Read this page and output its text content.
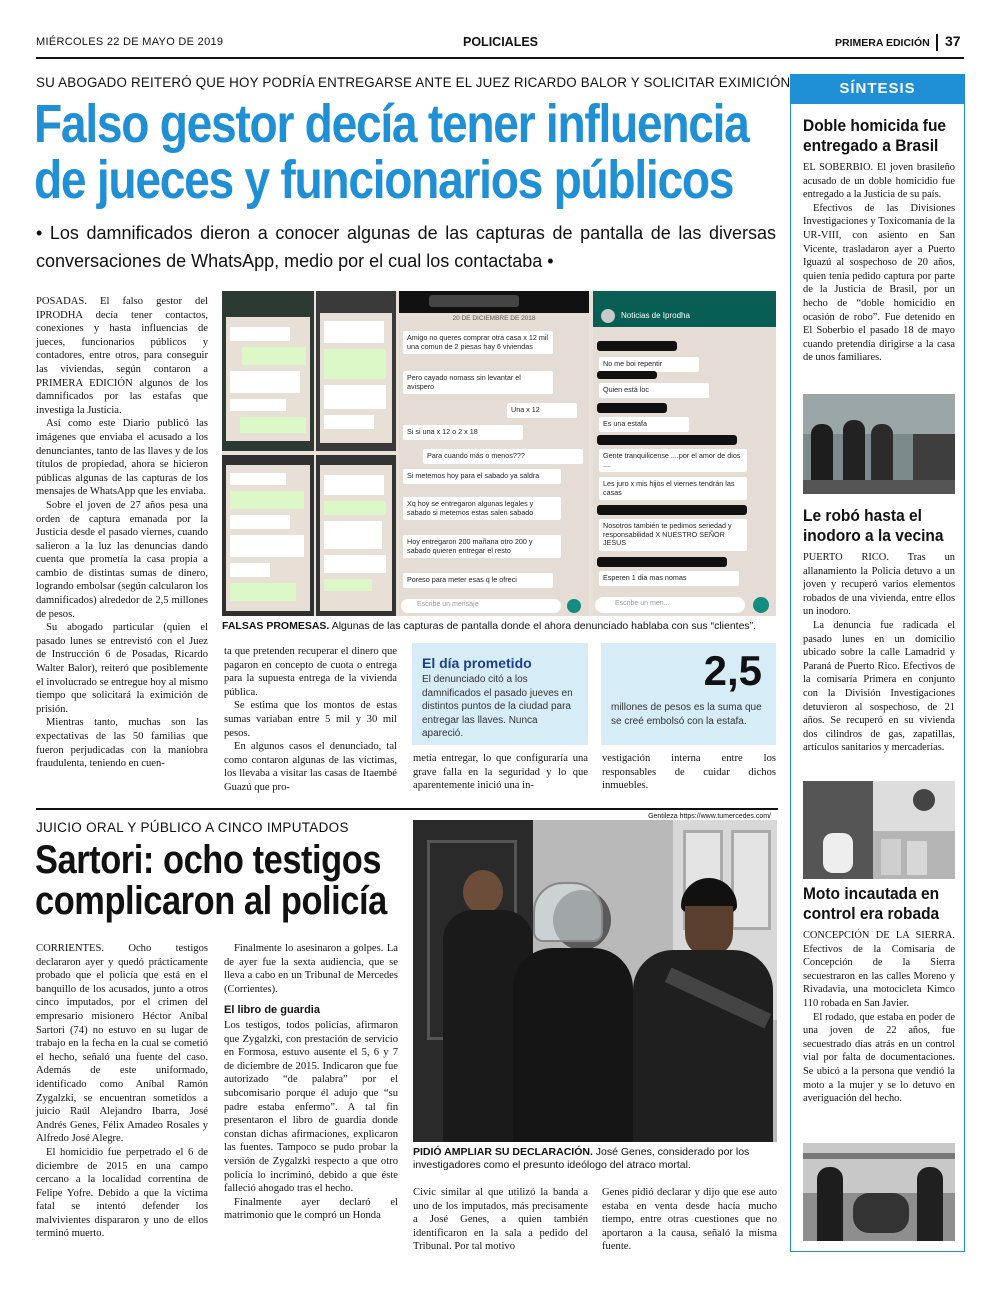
MIÉRCOLES 22 DE MAYO DE 2019	POLICIALES	PRIMERA EDICIÓN 37
SU ABOGADO REITERÓ QUE HOY PODRÍA ENTREGARSE ANTE EL JUEZ RICARDO BALOR Y SOLICITAR EXIMICIÓN
Falso gestor decía tener influencia
de jueces y funcionarios públicos
• Los damnificados dieron a conocer algunas de las capturas de pantalla de las diversas conversaciones de WhatsApp, medio por el cual los contactaba •

POSADAS. El falso gestor del IPRODHA decía tener contactos, conexiones y hasta influencias de jueces, funcionarios públicos y contadores, entre otros, para conseguir las viviendas, según contaron a PRIMERA EDICIÓN algunos de los damnificados por las estafas que investiga la Justicia.

Así como este Diario publicó las imágenes que enviaba el acusado a los denunciantes, tanto de las llaves y de los títulos de propiedad, ahora se hicieron públicas algunas de las capturas de los mensajes de WhatsApp que les enviaba.

Sobre el joven de 27 años pesa una orden de captura emanada por la Justicia desde el pasado viernes, cuando salieron a la luz las denuncias dando cuenta que prometía la casa propia a cambio de distintas sumas de dinero, logrando embolsar (según calcularon los damnificados) alrededor de 2,5 millones de pesos.

Su abogado particular (quien el pasado lunes se entrevistó con el Juez de Instrucción 6 de Posadas, Ricardo Walter Balor), reiteró que posiblemente el involucrado se entregue hoy al mismo tiempo que solicitará la eximición de prisión.

Mientras tanto, muchas son las expectativas de las 50 familias que fueron perjudicadas con la maniobra fraudulenta, teniendo en cuen-

20 DE DICIEMBRE DE 2018
Amigo no queres comprar otra casa x 12 mil una comun de 2 piesas hay 6 viviendas
Pero cayado nomass sin levantar el avispero
Una x 12
Si si una x 12 o 2 x 18
Para cuando más o menos???
Si metemos hoy para el sabado ya saldra
Xq hoy se entregaron algunas legales y sabado si metemos estas salen sabado
Hoy entregaron 200 mañana otro 200 y sabado quieren entregar el resto
Poreso para meter esas q le ofreci
Escribe un mensaje
Noticias de Iprodha
No me boi repentir
Quien está loc
Es una estafa
Gente tranquilicense ....por el amor de dios ....
Les juro x mis hijos el viernes tendrán las casas
Nosotros también te pedimos seriedad y responsabilidad X NUESTRO SEÑOR JESUS
Esperen 1 dia mas nomas
Escribe un men...
FALSAS PROMESAS. Algunas de las capturas de pantalla donde el ahora denunciado hablaba con sus “clientes”.

ta que pretenden recuperar el dinero que pagaron en concepto de cuota o entrega para la supuesta entrega de la vivienda pública.

Se estima que los montos de estas sumas variaban entre 5 mil y 30 mil pesos.

En algunos casos el denunciado, tal como contaron algunas de las víctimas, los llevaba a visitar las casas de Itaembé Guazú que pro-

El día prometido
El denunciado citó a los damnificados el pasado jueves en distintos puntos de la ciudad para entregar las llaves. Nunca apareció.
2,5
millones de pesos es la suma que se creé embolsó con la estafa.

metía entregar, lo que configuraría una grave falla en la seguridad y lo que aparentemente inició una in-

vestigación interna entre los responsables de cuidar dichos inmuebles.

JUICIO ORAL Y PÚBLICO A CINCO IMPUTADOS
Sartori: ocho testigos
complicaron al policía

CORRIENTES. Ocho testigos declararon ayer y quedó prácticamente probado que el policía que está en el banquillo de los acusados, junto a otros cinco imputados, por el crimen del empresario misionero Héctor Aníbal Sartori (74) no estuvo en su lugar de trabajo en la fecha en la cual se cometió el hecho, señaló una fuente del caso. Además de este uniformado, identificado como Aníbal Ramón Zygalzki, se encuentran sometidos a juicio Raúl Alejandro Ibarra, José Andrés Genes, Félix Amadeo Rosales y Alfredo José Alegre.

El homicidio fue perpetrado el 6 de diciembre de 2015 en una campo cercano a la localidad correntina de Felipe Yofre. Debido a que la víctima fatal se intentó defender los malvivientes dispararon y uno de ellos terminó muerto.

Finalmente lo asesinaron a golpes. La de ayer fue la sexta audiencia, que se lleva a cabo en un Tribunal de Mercedes (Corrientes).

El libro de guardia

Los testigos, todos policías, afirmaron que Zygalzki, con prestación de servicio en Formosa, estuvo ausente el 5, 6 y 7 de diciembre de 2015. Indicaron que fue autorizado “de palabra” por el subcomisario porque él adujo que “su padre estaba enfermo”. A tal fin presentaron el libro de guardia donde constan dichas afirmaciones, explicaron las fuentes. Tampoco se pudo probar la versión de Zygalzki respecto a que otro policía lo incriminó, debido a que éste falleció ahogado tras el hecho.

Finalmente ayer declaró el matrimonio que le compró un Honda

Gentileza https://www.tumercedes.com/
PIDIÓ AMPLIAR SU DECLARACIÓN. José Genes, considerado por los investigadores como el presunto ideólogo del atraco mortal.

Civic similar al que utilizó la banda a uno de los imputados, más precisamente a José Genes, a quien también identificaron en la sala a pedido del Tribunal. Por tal motivo

Genes pidió declarar y dijo que ese auto estaba en venta desde hacía mucho tiempo, entre otras cuestiones que no aportaron a la causa, señaló la misma fuente.

SÍNTESIS
Doble homicida fue entregado a Brasil

EL SOBERBIO. El joven brasileño acusado de un doble homicidio fue entregado a la Justicia de su país.

Efectivos de las Divisiones Investigaciones y Toxicomanía de la UR-VIII, con asiento en San Vicente, trasladaron ayer a Puerto Iguazú al sospechoso de 20 años, quien tenía pedido captura por parte de la Justicia de Brasil, por un hecho de “doble homicidio en ocasión de robo”. Fue detenido en El Soberbio el pasado 18 de mayo cuando pretendía dirigirse a la casa de unos familiares.

Le robó hasta el inodoro a la vecina

PUERTO RICO. Tras un allanamiento la Policía detuvo a un joven y recuperó varios elementos robados de una vivienda, entre ellos un inodoro.

La denuncia fue radicada el pasado lunes en un domicilio ubicado sobre la calle Lamadrid y Paraná de Puerto Rico. Efectivos de la comisaría Primera en conjunto con la División Investigaciones detuvieron al sospechoso, de 21 años. Se recuperó en su vivienda dos cilindros de gas, zapatillas, artículos sanitarios y mercaderías.

Moto incautada en control era robada

CONCEPCIÓN DE LA SIERRA. Efectivos de la Comisaría de Concepción de la Sierra secuestraron en las calles Moreno y Rivadavia, una motocicleta Kimco 110 robada en San Javier.

El rodado, que estaba en poder de una joven de 22 años, fue secuestrado días atrás en un control vial por falta de documentaciones. Se ubicó a la persona que vendió la moto a la mujer y se lo detuvo en averiguación del hecho.
